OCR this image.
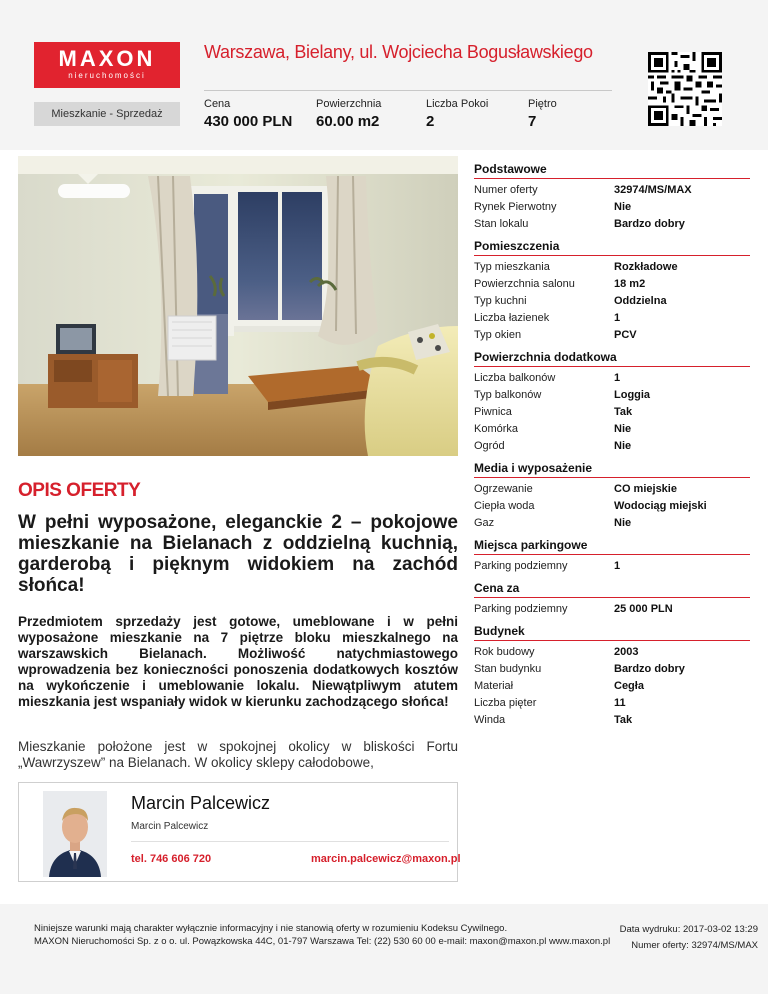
MAXON
nieruchomości
Warszawa, Bielany, ul. Wojciecha Bogusławskiego
Mieszkanie - Sprzedaż
Cena
430 000 PLN
Powierzchnia
60.00 m2
Liczba Pokoi
2
Piętro
7
OPIS OFERTY
W pełni wyposażone, eleganckie 2 – pokojowe mieszkanie na Bielanach z oddzielną kuchnią, garderobą i pięknym widokiem na zachód słońca!
Przedmiotem sprzedaży jest gotowe, umeblowane i w pełni wyposażone mieszkanie na 7 piętrze bloku mieszkalnego na warszawskich Bielanach. Możliwość natychmiastowego wprowadzenia bez konieczności ponoszenia dodatkowych kosztów na wykończenie i umeblowanie lokalu. Niewątpliwym atutem mieszkania jest wspaniały widok w kierunku zachodzącego słońca!
Mieszkanie położone jest w spokojnej okolicy w bliskości Fortu „Wawrzyszew” na Bielanach. W okolicy sklepy całodobowe,
Podstawowe
Numer oferty	32974/MS/MAX
Rynek Pierwotny	Nie
Stan lokalu	Bardzo dobry
Pomieszczenia
Typ mieszkania	Rozkładowe
Powierzchnia salonu	18 m2
Typ kuchni	Oddzielna
Liczba łazienek	1
Typ okien	PCV
Powierzchnia dodatkowa
Liczba balkonów	1
Typ balkonów	Loggia
Piwnica	Tak
Komórka	Nie
Ogród	Nie
Media i wyposażenie
Ogrzewanie	CO miejskie
Ciepła woda	Wodociąg miejski
Gaz	Nie
Miejsca parkingowe
Parking podziemny	1
Cena za
Parking podziemny	25 000 PLN
Budynek
Rok budowy	2003
Stan budynku	Bardzo dobry
Materiał	Cegła
Liczba pięter	11
Winda	Tak
Marcin Palcewicz
Marcin Palcewicz
tel. 746 606 720	marcin.palcewicz@maxon.pl
Niniejsze warunki mają charakter wyłącznie informacyjny i nie stanowią oferty w rozumieniu Kodeksu Cywilnego.
MAXON Nieruchomości Sp. z o o. ul. Powązkowska 44C, 01-797 Warszawa Tel: (22) 530 60 00 e-mail: maxon@maxon.pl www.maxon.pl
Data wydruku: 2017-03-02 13:29
Numer oferty: 32974/MS/MAX
